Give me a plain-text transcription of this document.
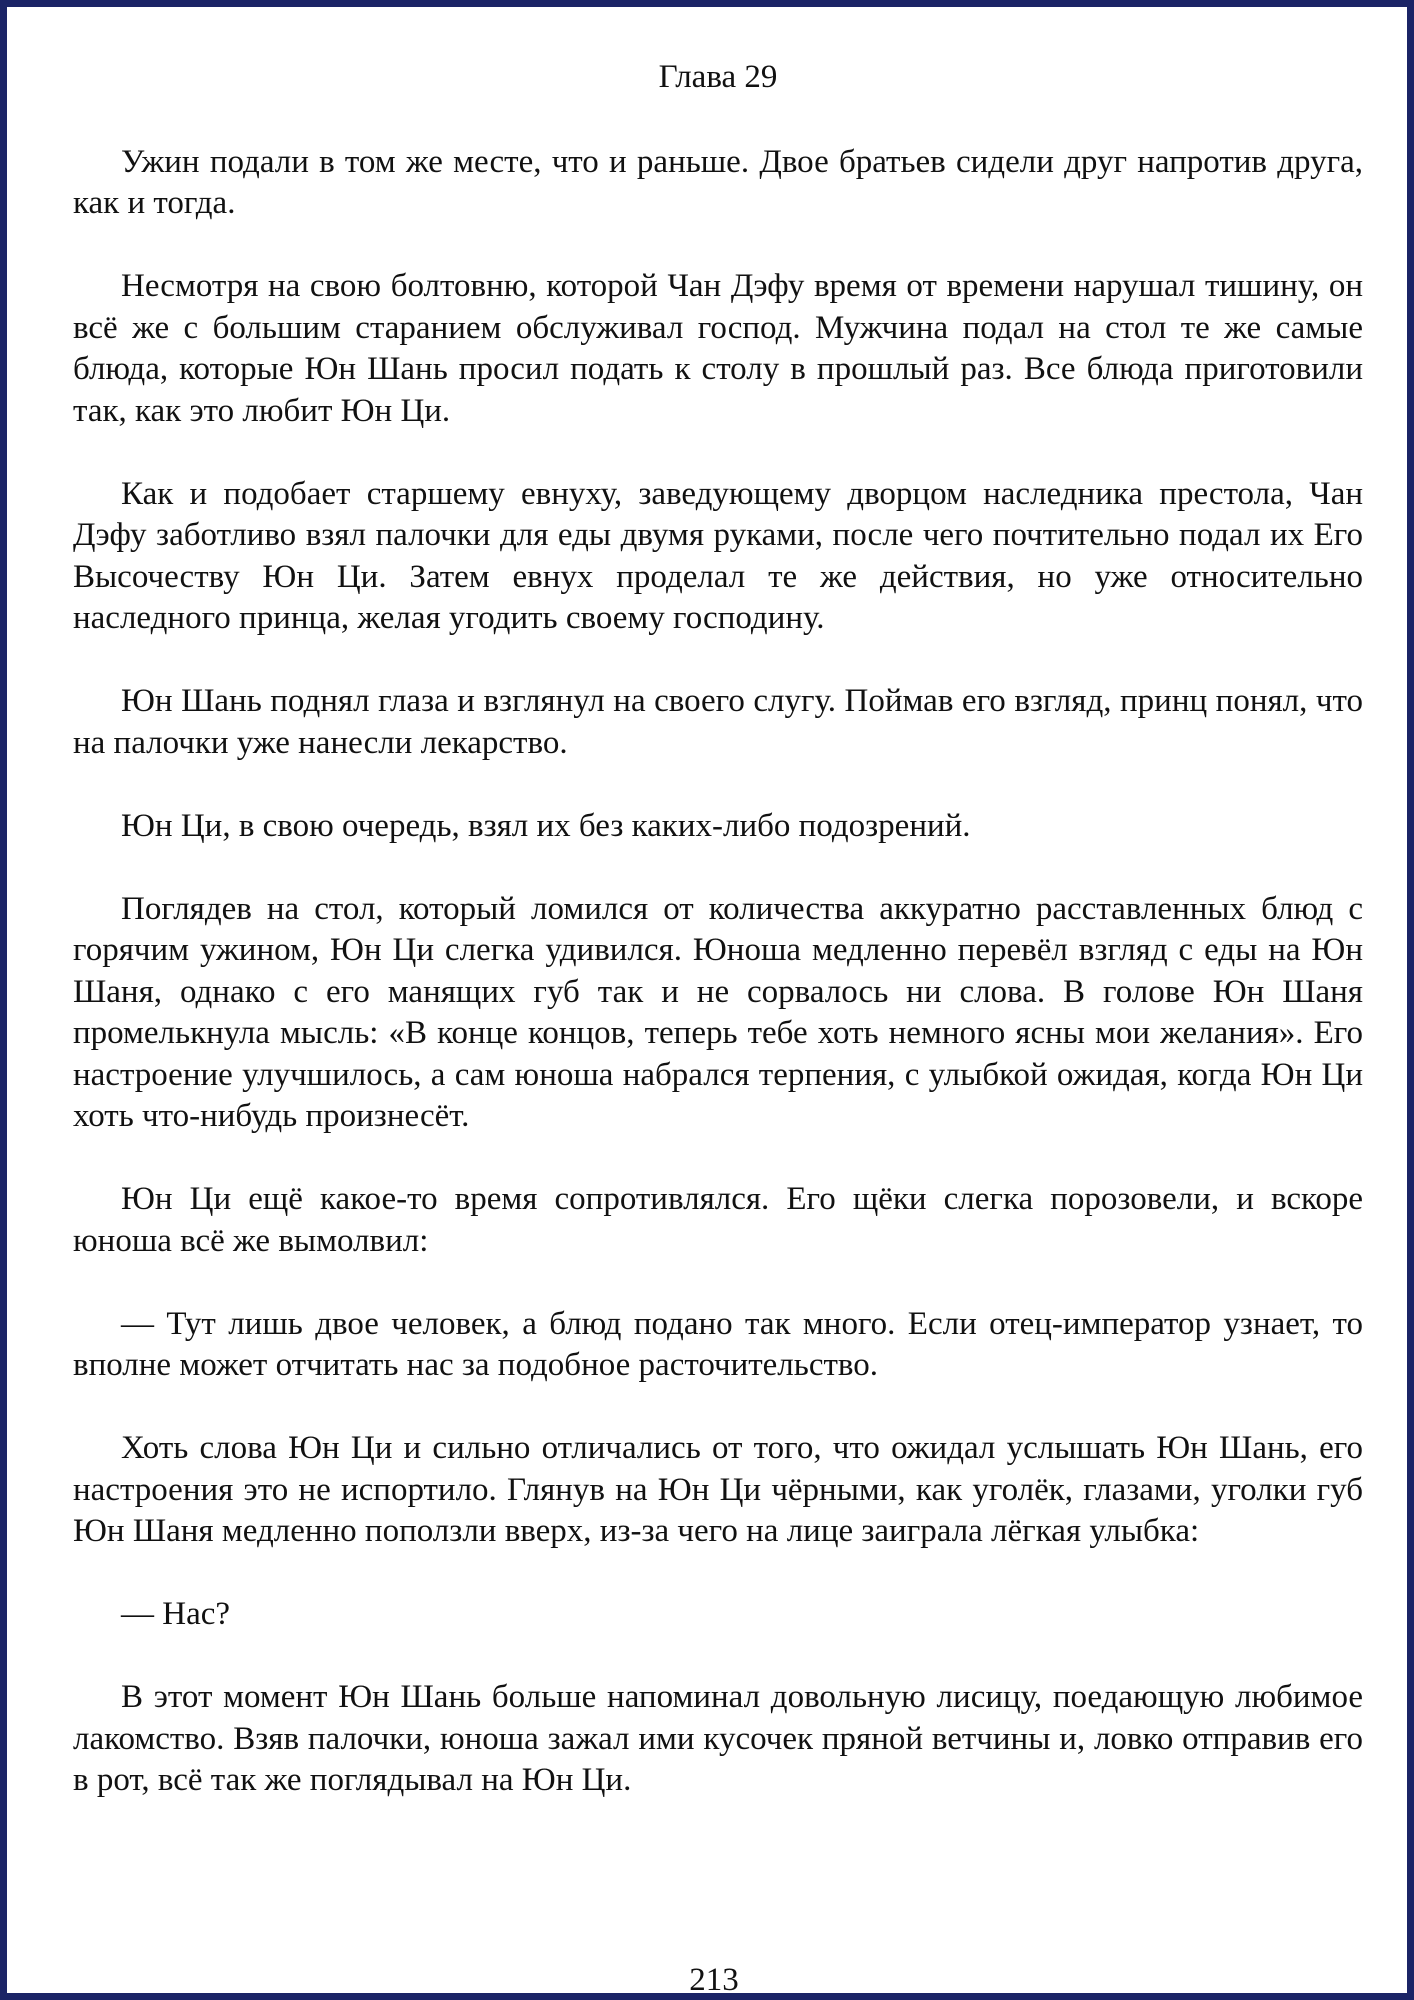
Глава 29

Ужин подали в том же месте, что и раньше. Двое братьев сидели друг напротив друга, как и тогда.

Несмотря на свою болтовню, которой Чан Дэфу время от времени нарушал тишину, он всё же с большим старанием обслуживал господ. Мужчина подал на стол те же самые блюда, которые Юн Шань просил подать к столу в прошлый раз. Все блюда приготовили так, как это любит Юн Ци.

Как и подобает старшему евнуху, заведующему дворцом наследника престола, Чан Дэфу заботливо взял палочки для еды двумя руками, после чего почтительно подал их Его Высочеству Юн Ци. Затем евнух проделал те же действия, но уже относительно наследного принца, желая угодить своему господину.

Юн Шань поднял глаза и взглянул на своего слугу. Поймав его взгляд, принц понял, что на палочки уже нанесли лекарство.

Юн Ци, в свою очередь, взял их без каких-либо подозрений.

Поглядев на стол, который ломился от количества аккуратно расставленных блюд с горячим ужином, Юн Ци слегка удивился. Юноша медленно перевёл взгляд с еды на Юн Шаня, однако с его манящих губ так и не сорвалось ни слова. В голове Юн Шаня промелькнула мысль: «В конце концов, теперь тебе хоть немного ясны мои желания». Его настроение улучшилось, а сам юноша набрался терпения, с улыбкой ожидая, когда Юн Ци хоть что-нибудь произнесёт.

Юн Ци ещё какое-то время сопротивлялся. Его щёки слегка порозовели, и вскоре юноша всё же вымолвил:

— Тут лишь двое человек, а блюд подано так много. Если отец-император узнает, то вполне может отчитать нас за подобное расточительство.

Хоть слова Юн Ци и сильно отличались от того, что ожидал услышать Юн Шань, его настроения это не испортило. Глянув на Юн Ци чёрными, как уголёк, глазами, уголки губ Юн Шаня медленно поползли вверх, из-за чего на лице заиграла лёгкая улыбка:

— Нас?

В этот момент Юн Шань больше напоминал довольную лисицу, поедающую любимое лакомство. Взяв палочки, юноша зажал ими кусочек пряной ветчины и, ловко отправив его в рот, всё так же поглядывал на Юн Ци.

213
